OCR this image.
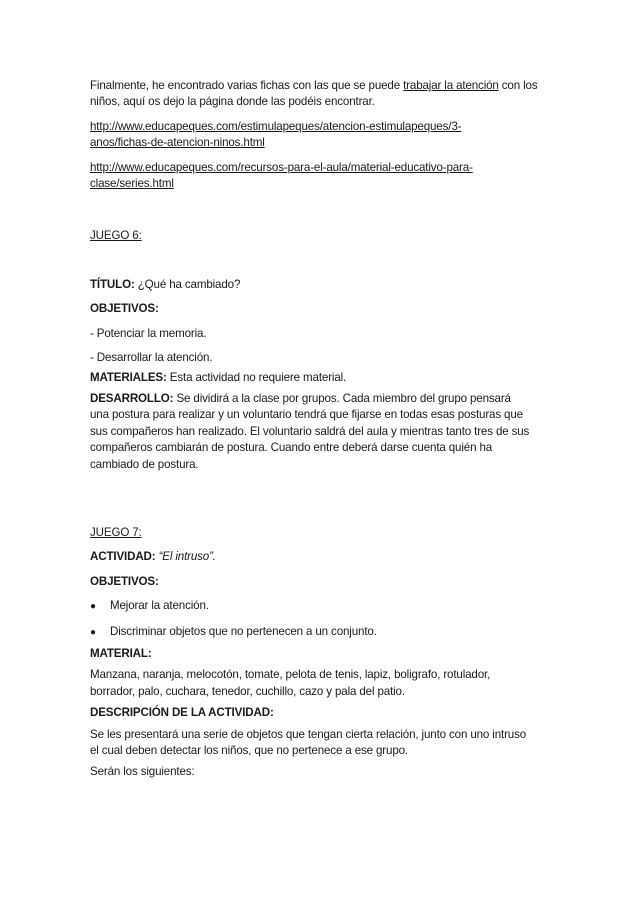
Finalmente, he encontrado varias fichas con las que se puede trabajar la atención con los niños, aquí os dejo la página donde las podéis encontrar.

http://www.educapeques.com/estimulapeques/atencion-estimulapeques/3-anos/fichas-de-atencion-ninos.html

http://www.educapeques.com/recursos-para-el-aula/material-educativo-para-clase/series.html

JUEGO 6:

TÍTULO: ¿Qué ha cambiado?

OBJETIVOS:

- Potenciar la memoria.

- Desarrollar la atención.

MATERIALES: Esta actividad no requiere material.

DESARROLLO: Se dividirá a la clase por grupos. Cada miembro del grupo pensará una postura para realizar y un voluntario tendrá que fijarse en todas esas posturas que sus compañeros han realizado. El voluntario saldrá del aula y mientras tanto tres de sus compañeros cambiarán de postura. Cuando entre deberá darse cuenta quién ha cambiado de postura.

JUEGO 7:

ACTIVIDAD: “El intruso”.

OBJETIVOS:

●	Mejorar la atención.
●	Discriminar objetos que no pertenecen a un conjunto.

MATERIAL:

Manzana, naranja, melocotón, tomate, pelota de tenis, lapiz, boligrafo, rotulador, borrador, palo, cuchara, tenedor, cuchillo, cazo y pala del patio.

DESCRIPCIÓN DE LA ACTIVIDAD:

Se les presentará una serie de objetos que tengan cierta relación, junto con uno intruso el cual deben detectar los niños, que no pertenece a ese grupo.

Serán los siguientes:
